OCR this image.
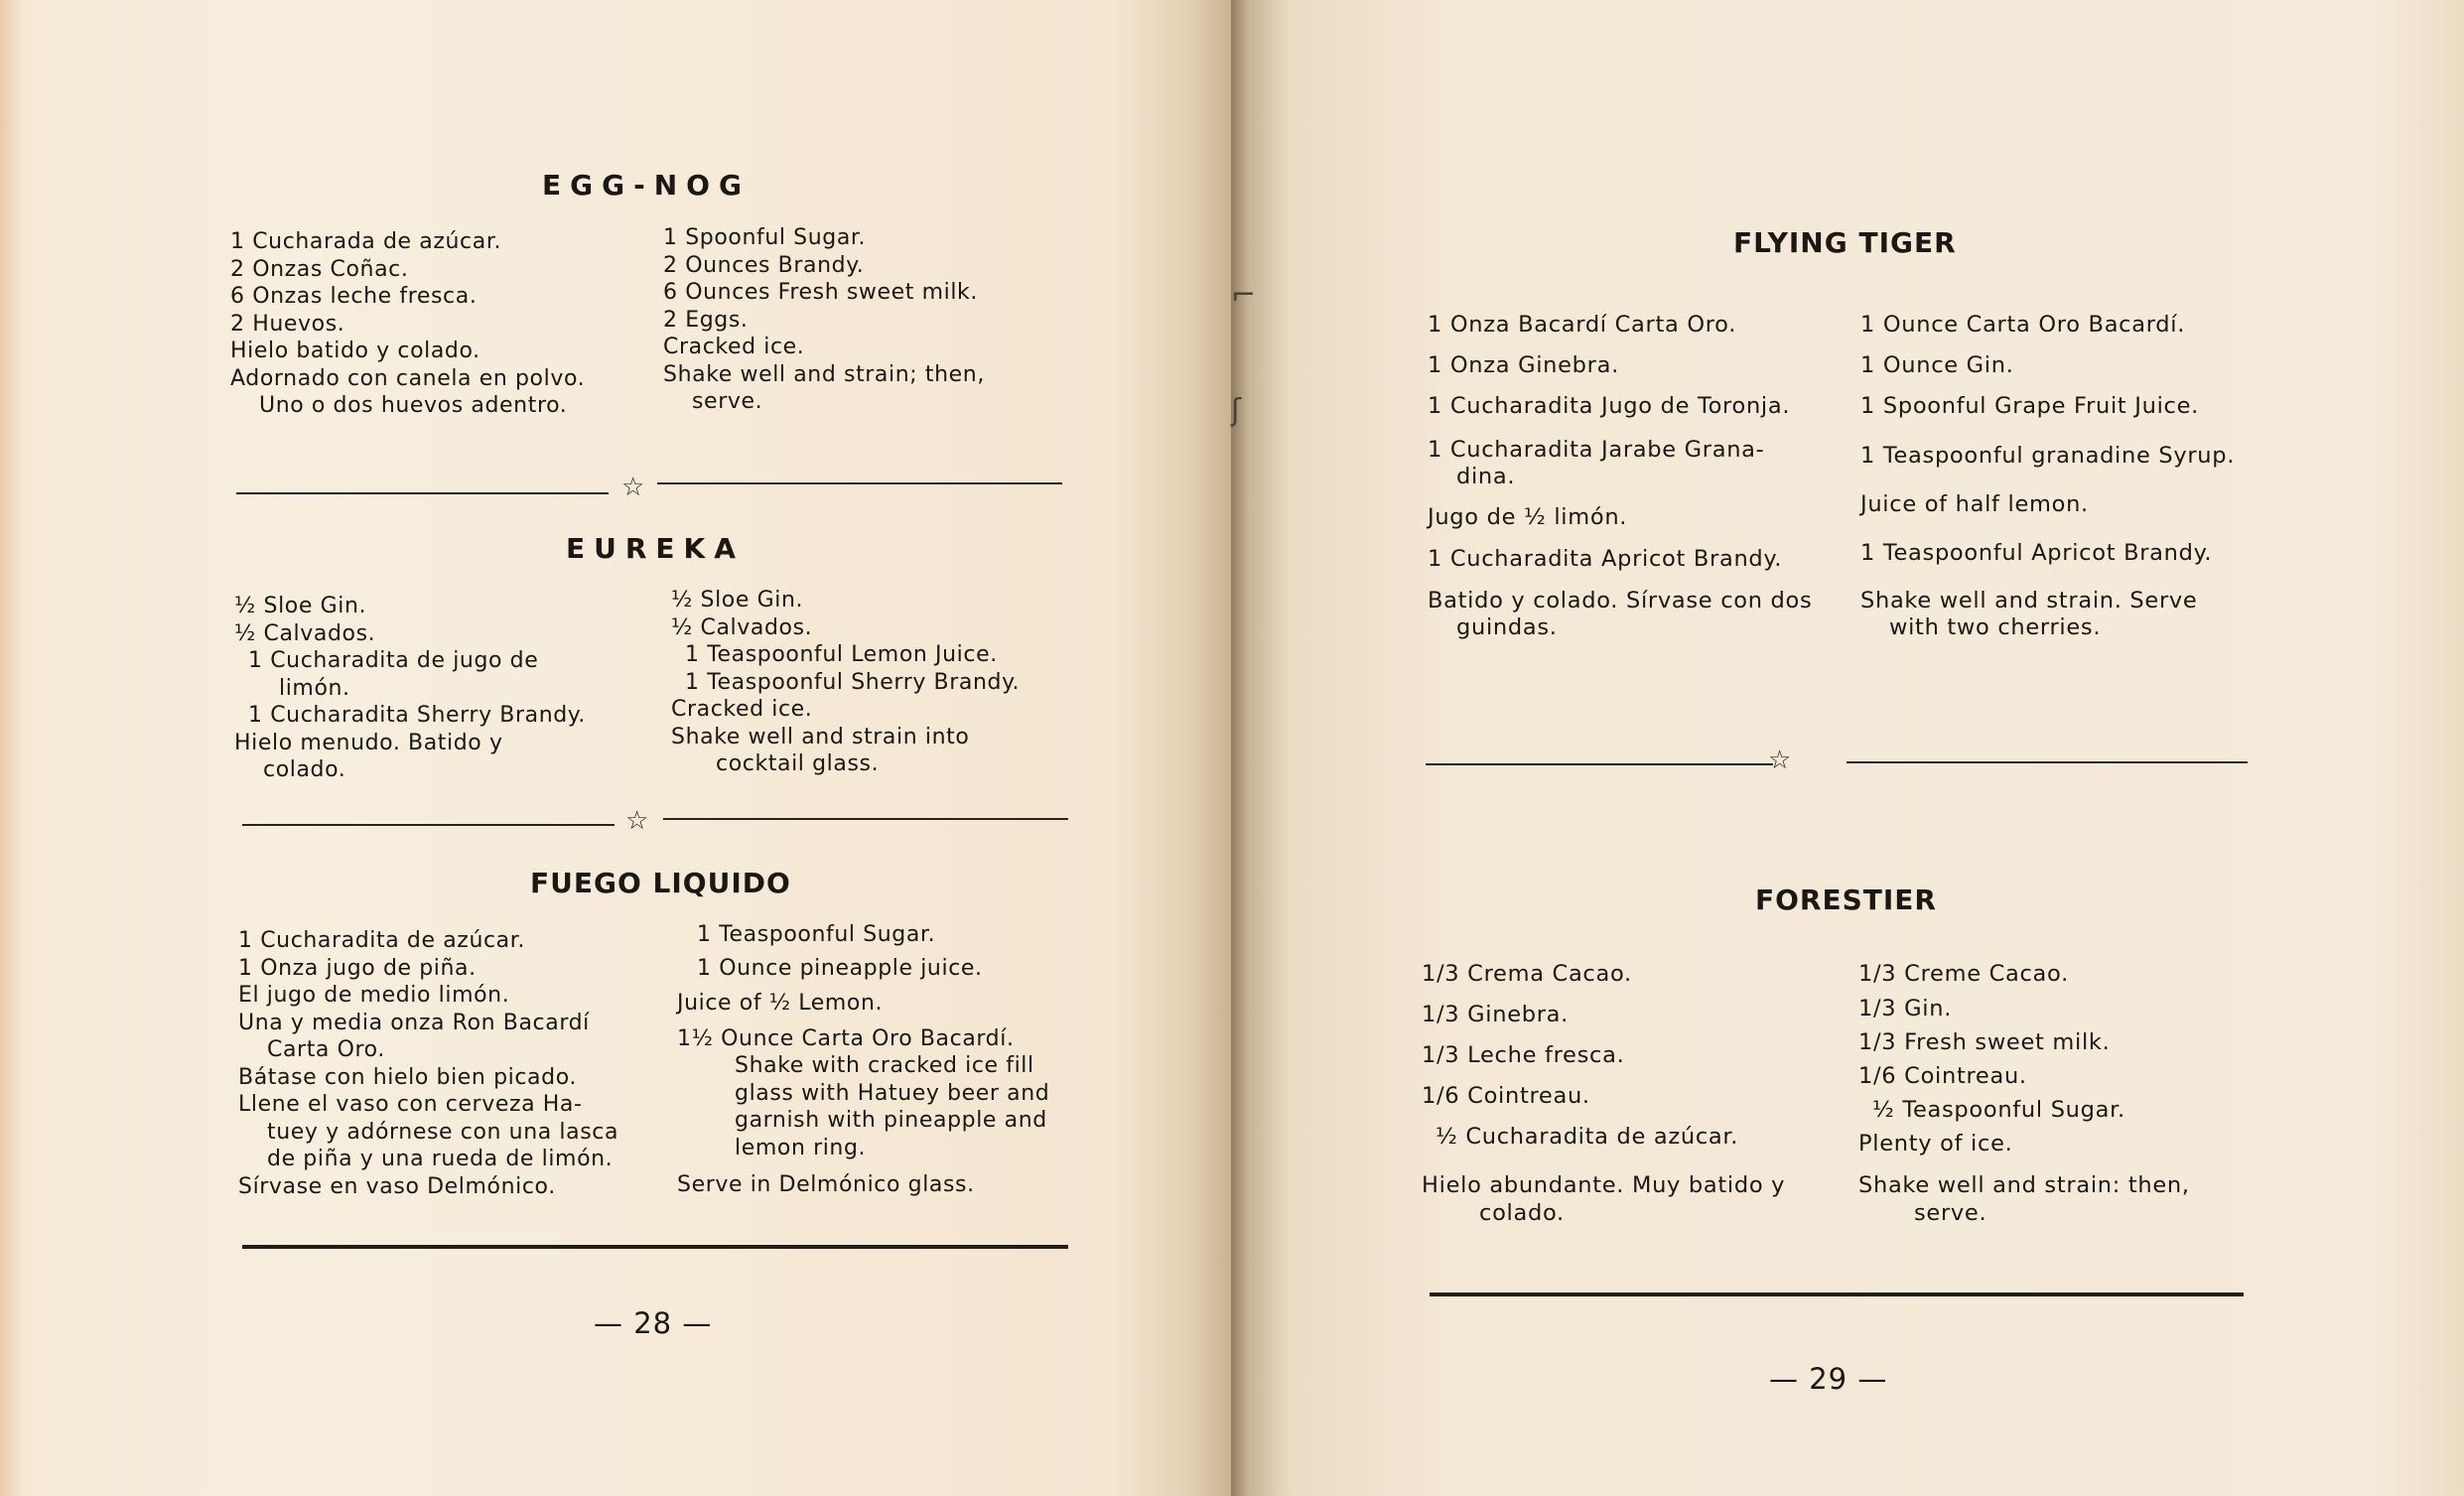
EGG-NOG
1 Cucharada de azúcar.
2 Onzas Coñac.
6 Onzas leche fresca.
2 Huevos.
Hielo batido y colado.
Adornado con canela en polvo.
Uno o dos huevos adentro.
1 Spoonful Sugar.
2 Ounces Brandy.
6 Ounces Fresh sweet milk.
2 Eggs.
Cracked ice.
Shake well and strain; then,
serve.
☆
EUREKA
½ Sloe Gin.
½ Calvados.
1 Cucharadita de jugo de
limón.
1 Cucharadita Sherry Brandy.
Hielo menudo. Batido y
colado.
½ Sloe Gin.
½ Calvados.
1 Teaspoonful Lemon Juice.
1 Teaspoonful Sherry Brandy.
Cracked ice.
Shake well and strain into
cocktail glass.
☆
FUEGO LIQUIDO
1 Cucharadita de azúcar.
1 Onza jugo de piña.
El jugo de medio limón.
Una y media onza Ron Bacardí
Carta Oro.
Bátase con hielo bien picado.
Llene el vaso con cerveza Ha-
tuey y adórnese con una lasca
de piña y una rueda de limón.
Sírvase en vaso Delmónico.
1 Teaspoonful Sugar.
1 Ounce pineapple juice.
Juice of ½ Lemon.
1½ Ounce Carta Oro Bacardí.
Shake with cracked ice fill
glass with Hatuey beer and
garnish with pineapple and
lemon ring.
Serve in Delmónico glass.
— 28 —
⌐
ʃ
FLYING TIGER
1 Onza Bacardí Carta Oro.
1 Onza Ginebra.
1 Cucharadita Jugo de Toronja.
1 Cucharadita Jarabe Grana-
dina.
Jugo de ½ limón.
1 Cucharadita Apricot Brandy.
Batido y colado. Sírvase con dos
guindas.
1 Ounce Carta Oro Bacardí.
1 Ounce Gin.
1 Spoonful Grape Fruit Juice.
1 Teaspoonful granadine Syrup.
Juice of half lemon.
1 Teaspoonful Apricot Brandy.
Shake well and strain. Serve
with two cherries.
☆
FORESTIER
1/3 Crema Cacao.
1/3 Ginebra.
1/3 Leche fresca.
1/6 Cointreau.
½ Cucharadita de azúcar.
Hielo abundante. Muy batido y
colado.
1/3 Creme Cacao.
1/3 Gin.
1/3 Fresh sweet milk.
1/6 Cointreau.
½ Teaspoonful Sugar.
Plenty of ice.
Shake well and strain: then,
serve.
— 29 —
